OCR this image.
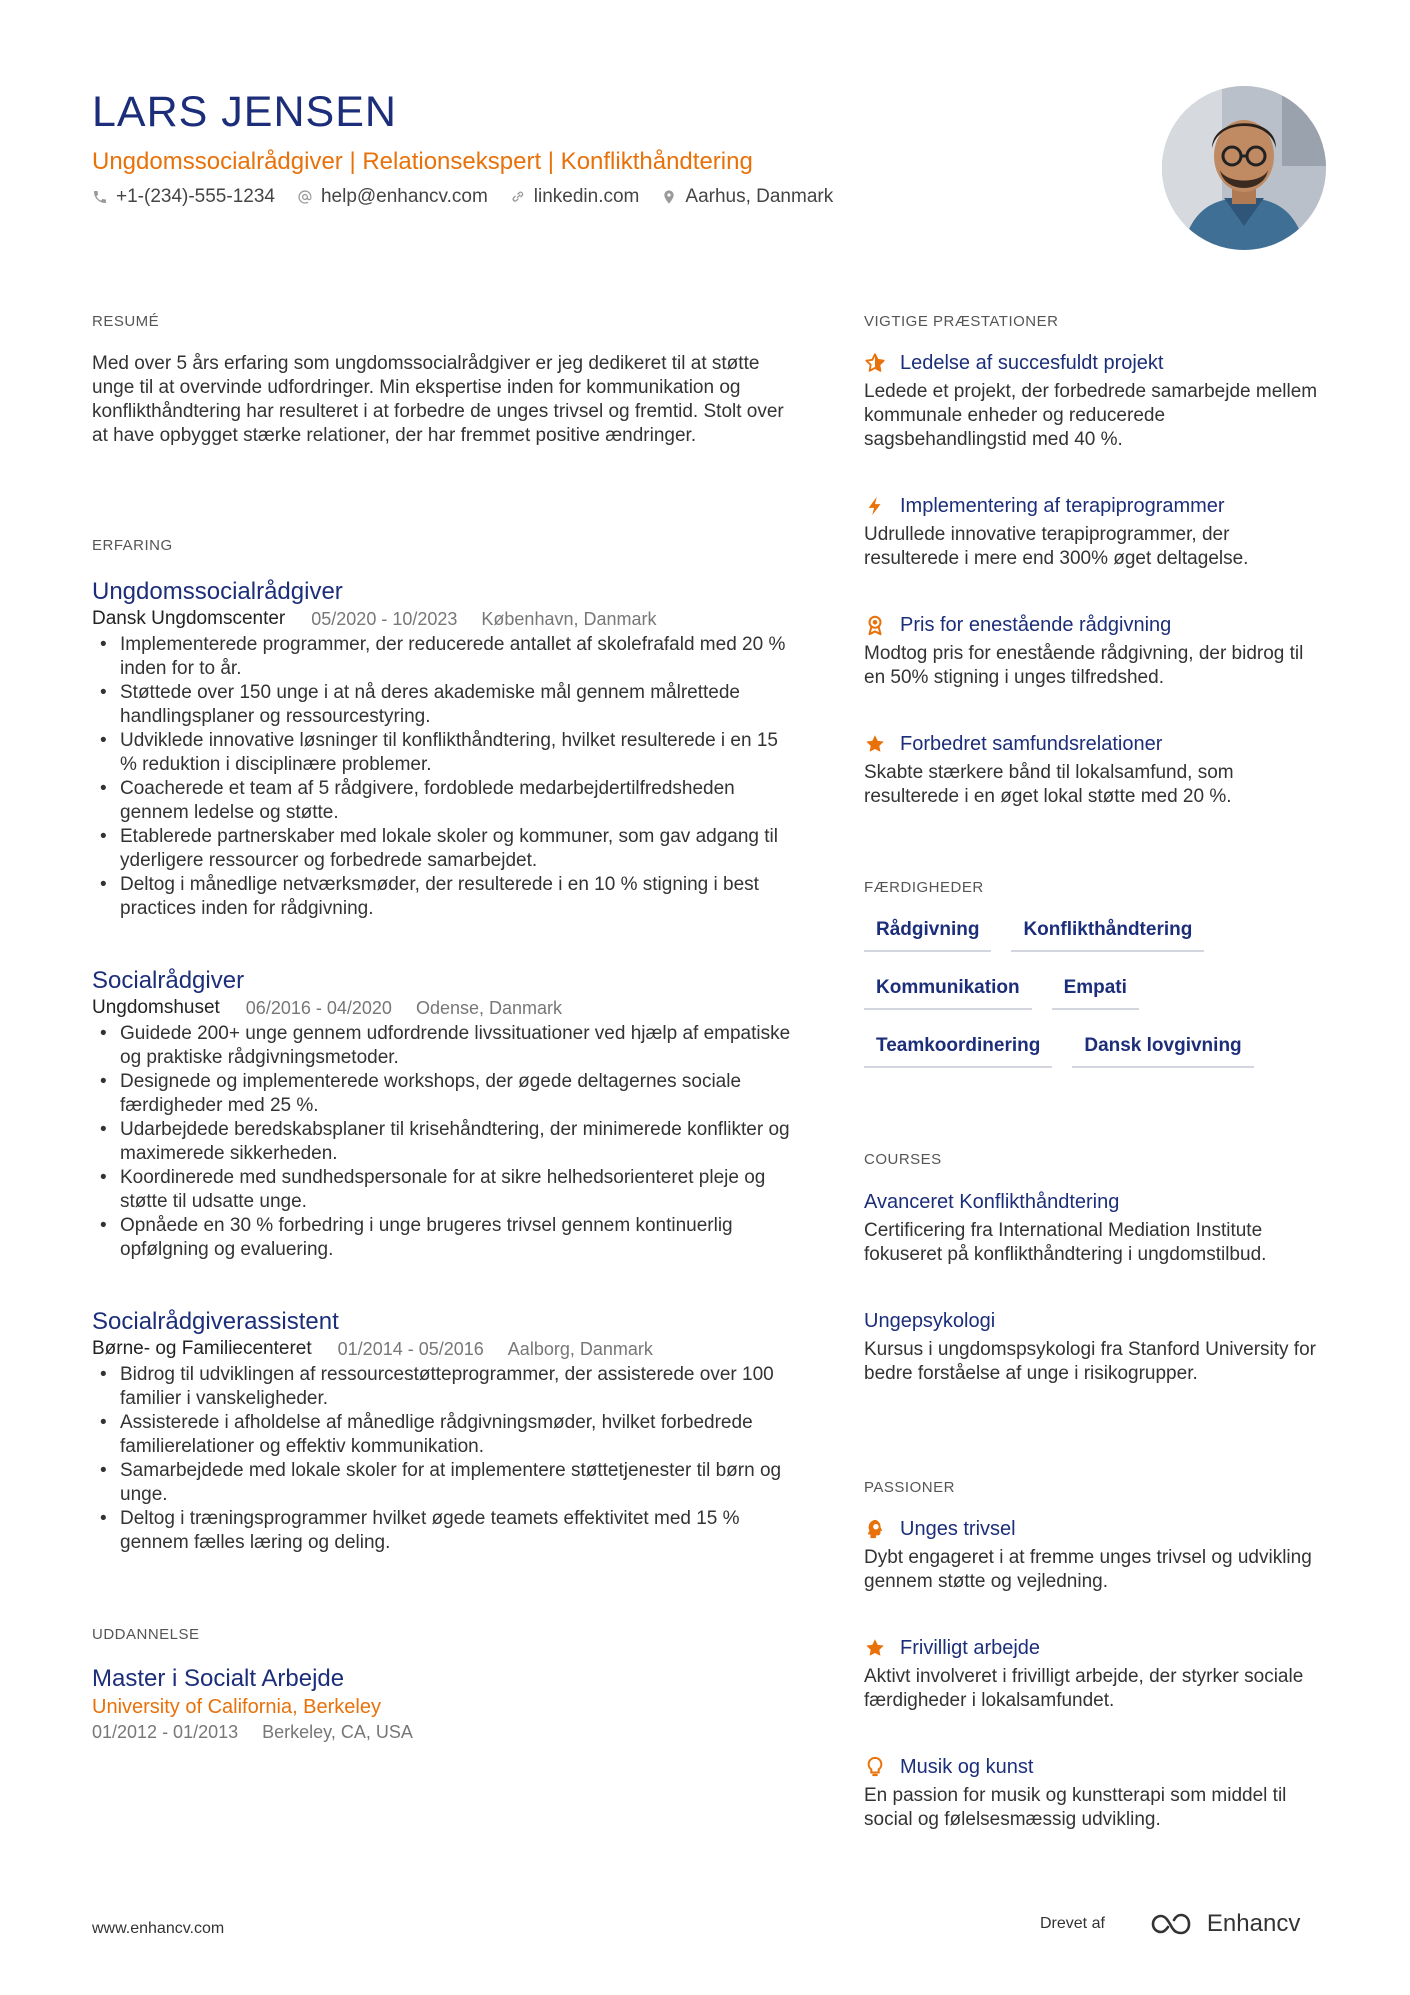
LARS JENSEN
Ungdomssocialrådgiver | Relationsekspert | Konflikthåndtering
+1-(234)-555-1234 help@enhancv.com linkedin.com Aarhus, Danmark
RESUMÉ

Med over 5 års erfaring som ungdomssocialrådgiver er jeg dedikeret til at støtte unge til at overvinde udfordringer. Min ekspertise inden for kommunikation og konflikthåndtering har resulteret i at forbedre de unges trivsel og fremtid. Stolt over at have opbygget stærke relationer, der har fremmet positive ændringer.

ERFARING
Ungdomssocialrådgiver
Dansk Ungdomscenter 05/2020 - 10/2023 København, Danmark
• Implementerede programmer, der reducerede antallet af skolefrafald med 20 % inden for to år.
• Støttede over 150 unge i at nå deres akademiske mål gennem målrettede handlingsplaner og ressourcestyring.
• Udviklede innovative løsninger til konflikthåndtering, hvilket resulterede i en 15 % reduktion i disciplinære problemer.
• Coacherede et team af 5 rådgivere, fordoblede medarbejdertilfredsheden gennem ledelse og støtte.
• Etablerede partnerskaber med lokale skoler og kommuner, som gav adgang til yderligere ressourcer og forbedrede samarbejdet.
• Deltog i månedlige netværksmøder, der resulterede i en 10 % stigning i best practices inden for rådgivning.
Socialrådgiver
Ungdomshuset 06/2016 - 04/2020 Odense, Danmark
• Guidede 200+ unge gennem udfordrende livssituationer ved hjælp af empatiske og praktiske rådgivningsmetoder.
• Designede og implementerede workshops, der øgede deltagernes sociale færdigheder med 25 %.
• Udarbejdede beredskabsplaner til krisehåndtering, der minimerede konflikter og maximerede sikkerheden.
• Koordinerede med sundhedspersonale for at sikre helhedsorienteret pleje og støtte til udsatte unge.
• Opnåede en 30 % forbedring i unge brugeres trivsel gennem kontinuerlig opfølgning og evaluering.
Socialrådgiverassistent
Børne- og Familiecenteret 01/2014 - 05/2016 Aalborg, Danmark
• Bidrog til udviklingen af ressourcestøtteprogrammer, der assisterede over 100 familier i vanskeligheder.
• Assisterede i afholdelse af månedlige rådgivningsmøder, hvilket forbedrede familierelationer og effektiv kommunikation.
• Samarbejdede med lokale skoler for at implementere støttetjenester til børn og unge.
• Deltog i træningsprogrammer hvilket øgede teamets effektivitet med 15 % gennem fælles læring og deling.
UDDANNELSE
Master i Socialt Arbejde
University of California, Berkeley
01/2012 - 01/2013 Berkeley, CA, USA
VIGTIGE PRÆSTATIONER
Ledelse af succesfuldt projekt
Ledede et projekt, der forbedrede samarbejde mellem kommunale enheder og reducerede sagsbehandlingstid med 40 %.
Implementering af terapiprogrammer
Udrullede innovative terapiprogrammer, der resulterede i mere end 300% øget deltagelse.
Pris for enestående rådgivning
Modtog pris for enestående rådgivning, der bidrog til en 50% stigning i unges tilfredshed.
Forbedret samfundsrelationer
Skabte stærkere bånd til lokalsamfund, som resulterede i en øget lokal støtte med 20 %.
FÆRDIGHEDER
Rådgivning	Konflikthåndtering
Kommunikation	Empati
Teamkoordinering	Dansk lovgivning
COURSES
Avanceret Konflikthåndtering
Certificering fra International Mediation Institute fokuseret på konflikthåndtering i ungdomstilbud.
Ungepsykologi
Kursus i ungdomspsykologi fra Stanford University for bedre forståelse af unge i risikogrupper.
PASSIONER
Unges trivsel
Dybt engageret i at fremme unges trivsel og udvikling gennem støtte og vejledning.
Frivilligt arbejde
Aktivt involveret i frivilligt arbejde, der styrker sociale færdigheder i lokalsamfundet.
Musik og kunst
En passion for musik og kunstterapi som middel til social og følelsesmæssig udvikling.
www.enhancv.com	Drevet af	Enhancv
